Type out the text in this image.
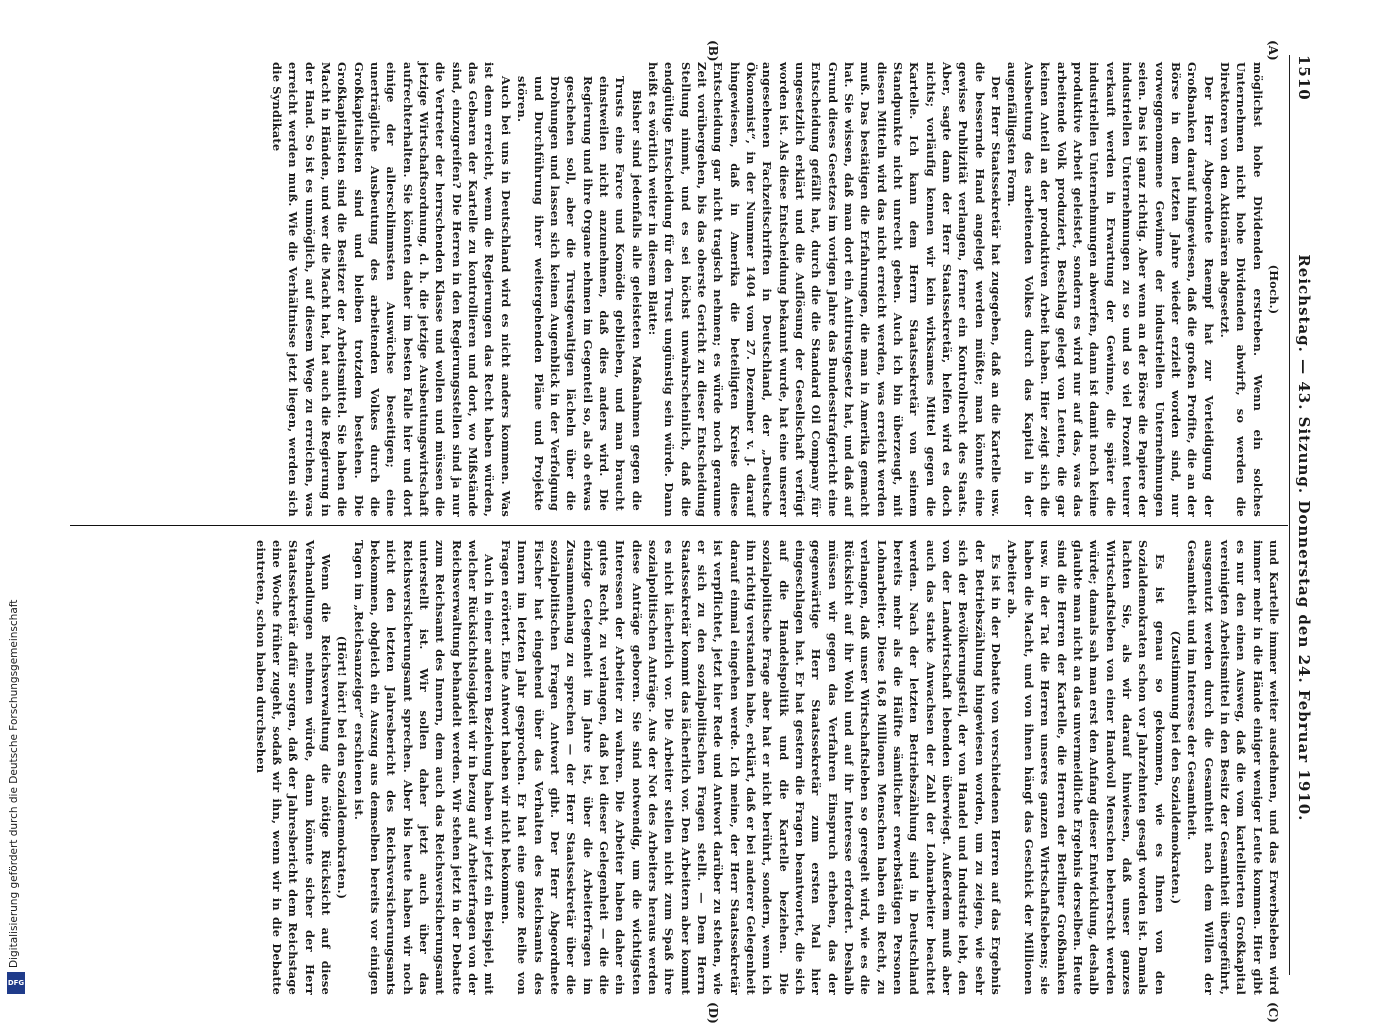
1510
Reichstag. — 43. Sitzung. Donnerstag den 24. Februar 1910.
(A)
(B)
(C)
(D)

(Hoch.)

möglichst hohe Dividenden erstreben. Wenn ein solches Unternehmen nicht hohe Dividenden abwirft, so werden die Direktoren von den Aktionären abgesetzt.

Der Herr Abgeordnete Raempf hat zur Verteidigung der Großbanken darauf hingewiesen, daß die großen Profite, die an der Börse in dem letzten Jahre wieder erzielt worden sind, nur vorweggenommene Gewinne der industriellen Unternehmungen seien. Das ist ganz richtig. Aber wenn an der Börse die Papiere der industriellen Unternehmungen zu so und so viel Prozent teurer verkauft werden in Erwartung der Gewinne, die später die industriellen Unternehmungen abwerfen, dann ist damit noch keine produktive Arbeit geleistet, sondern es wird nur auf das, was das arbeitende Volk produziert, Beschlag gelegt von Leuten, die gar keinen Anteil an der produktiven Arbeit haben. Hier zeigt sich die Ausbeutung des arbeitenden Volkes durch das Kapital in der augenfälligsten Form.

Der Herr Staatssekretär hat zugegeben, daß an die Kartelle usw. die bessernde Hand angelegt werden müßte; man könnte eine gewisse Publizität verlangen, ferner ein Kontrollrecht des Staats. Aber, sagte dann der Herr Staatssekretär, helfen wird es doch nichts; vorläufig kennen wir kein wirksames Mittel gegen die Kartelle. Ich kann dem Herrn Staatssekretär von seinem Standpunkte nicht unrecht geben. Auch ich bin überzeugt, mit diesen Mitteln wird das nicht erreicht werden, was erreicht werden muß. Das bestätigen die Erfahrungen, die man in Amerika gemacht hat. Sie wissen, daß man dort ein Antitrustgesetz hat, und daß auf Grund dieses Gesetzes im vorigen Jahre das Bundesstrafgericht eine Entscheidung gefällt hat, durch die die Standard Oil Company für ungesetzlich erklärt und die Auflösung der Gesellschaft verfügt worden ist. Als diese Entscheidung bekannt wurde, hat eine unserer angesehenen Fachzeitschriften in Deutschland, der „Deutsche Ökonomist“, in der Nummer 1404 vom 27. Dezember v. J. darauf hingewiesen, daß in Amerika die beteiligten Kreise diese Entscheidung gar nicht tragisch nehmen; es würde noch geraume Zeit vorübergehen, bis das oberste Gericht zu dieser Entscheidung Stellung nimmt, und es sei höchst unwahrscheinlich, daß die endgültige Entscheidung für den Trust ungünstig sein würde. Dann heißt es wörtlich weiter in diesem Blatte:

Bisher sind jedenfalls alle geleisteten Maßnahmen gegen die Trusts eine Farce und Komödie geblieben, und man braucht einstweilen nicht anzunehmen, daß dies anders wird. Die Regierung und ihre Organe nehmen im Gegenteil so, als ob etwas geschehen soll, aber die Trustgewaltigen lächeln über die Drohungen und lassen sich keinen Augenblick in der Verfolgung und Durchführung ihrer weitergehenden Pläne und Projekte stören.

Auch bei uns in Deutschland wird es nicht anders kommen. Was ist denn erreicht, wenn die Regierungen das Recht haben würden, das Gebaren der Kartelle zu kontrollieren und dort, wo Mißstände sind, einzugreifen? Die Herren in den Regierungsstellen sind ja nur die Vertreter der herrschenden Klasse und wollen und müssen die jetzige Wirtschaftsordnung, d. h. die jetzige Ausbeutungswirtschaft aufrechterhalten. Sie könnten daher im besten Falle hier und dort einige der allerschlimmsten Auswüchse beseitigen; eine unerträgliche Ausbeutung des arbeitenden Volkes durch die Großkapitalisten sind und bleiben trotzdem bestehen. Die Großkapitalisten sind die Besitzer der Arbeitsmittel. Sie haben die Macht in Händen, und wer die Macht hat, hat auch die Regierung in der Hand. So ist es unmöglich, auf diesem Wege zu erreichen, was erreicht werden muß. Wie die Verhältnisse jetzt liegen, werden sich die Syndikate

und Kartelle immer weiter ausdehnen, und das Erwerbsleben wird immer mehr in die Hände einiger weniger Leute kommen. Hier gibt es nur den einen Ausweg, daß die vom kartellierten Großkapital vereinigten Arbeitsmittel in den Besitz der Gesamtheit übergeführt, ausgenutzt werden durch die Gesamtheit nach dem Willen der Gesamtheit und im Interesse der Gesamtheit.

(Zustimmung bei den Sozialdemokraten.)

Es ist genau so gekommen, wie es Ihnen von den Sozialdemokraten schon vor Jahrzehnten gesagt worden ist. Damals lachten Sie, als wir darauf hinwiesen, daß unser ganzes Wirtschaftsleben von einer Handvoll Menschen beherrscht werden würde; damals sah man erst den Anfang dieser Entwicklung, deshalb glaubte man nicht an das unvermeidliche Ergebnis derselben. Heute sind die Herren der Kartelle, die Herren der Berliner Großbanken usw. in der Tat die Herren unseres ganzen Wirtschaftslebens; sie haben die Macht, und von ihnen hängt das Geschick der Millionen Arbeiter ab.

Es ist in der Debatte von verschiedenen Herren auf das Ergebnis der Betriebszählung hingewiesen worden, um zu zeigen, wie sehr sich der Bevölkerungsteil, der von Handel und Industrie lebt, den von der Landwirtschaft lebenden überwiegt. Außerdem muß aber auch das starke Anwachsen der Zahl der Lohnarbeiter beachtet werden. Nach der letzten Betriebszählung sind in Deutschland bereits mehr als die Hälfte sämtlicher erwerbstätigen Personen Lohnarbeiter. Diese 16,8 Millionen Menschen haben ein Recht, zu verlangen, daß unser Wirtschaftsleben so geregelt wird, wie es die Rücksicht auf ihr Wohl und auf ihr Interesse erfordert. Deshalb müssen wir gegen das Verfahren Einspruch erheben, das der gegenwärtige Herr Staatssekretär zum ersten Mal hier eingeschlagen hat. Er hat gestern die Fragen beantwortet, die sich auf die Handelspolitik und die Kartelle beziehen. Die sozialpolitische Frage aber hat er nicht berührt, sondern, wenn ich ihn richtig verstanden habe, erklärt, daß er bei anderer Gelegenheit darauf einmal eingehen werde. Ich meine, der Herr Staatssekretär ist verpflichtet, jetzt hier Rede und Antwort darüber zu stehen, wie er sich zu den sozialpolitischen Fragen stellt. — Dem Herrn Staatssekretär kommt das lächerlich vor. Den Arbeitern aber kommt es nicht lächerlich vor. Die Arbeiter stellen nicht zum Spaß ihre sozialpolitischen Anträge. Aus der Not des Arbeiters heraus werden diese Anträge geboren. Sie sind notwendig, um die wichtigsten Interessen der Arbeiter zu wahren. Die Arbeiter haben daher ein gutes Recht, zu verlangen, daß bei dieser Gelegenheit — die die einzige Gelegenheit im Jahre ist, über die Arbeiterfragen im Zusammenhang zu sprechen — der Herr Staatssekretär über die sozialpolitischen Fragen Antwort gibt. Der Herr Abgeordnete Fischer hat eingehend über das Verhalten des Reichsamts des Innern im letzten Jahr gesprochen. Er hat eine ganze Reihe von Fragen erörtert. Eine Antwort haben wir nicht bekommen.

Auch in einer anderen Beziehung haben wir jetzt ein Beispiel, mit welcher Rücksichtslosigkeit wir in bezug auf Arbeiterfragen von der Reichsverwaltung behandelt werden. Wir stehen jetzt in der Debatte zum Reichsamt des Innern, dem auch das Reichsversicherungsamt unterstellt ist. Wir sollen daher jetzt auch über das Reichsversicherungsamt sprechen. Aber bis heute haben wir noch nicht den letzten Jahresbericht des Reichsversicherungsamts bekommen, obgleich ein Auszug aus demselben bereits vor einigen Tagen im „Reichsanzeiger“ erschienen ist.

(Hört! hört! bei den Sozialdemokraten.)

Wenn die Reichsverwaltung die nötige Rücksicht auf diese Verhandlungen nehmen würde, dann könnte sicher der Herr Staatssekretär dafür sorgen, daß der Jahresbericht dem Reichstage eine Woche früher zugeht, sodaß wir ihn, wenn wir in die Debatte eintreten, schon haben durchsehen

Digitalisierung gefördert durch die Deutsche Forschungsgemeinschaft
DFG
